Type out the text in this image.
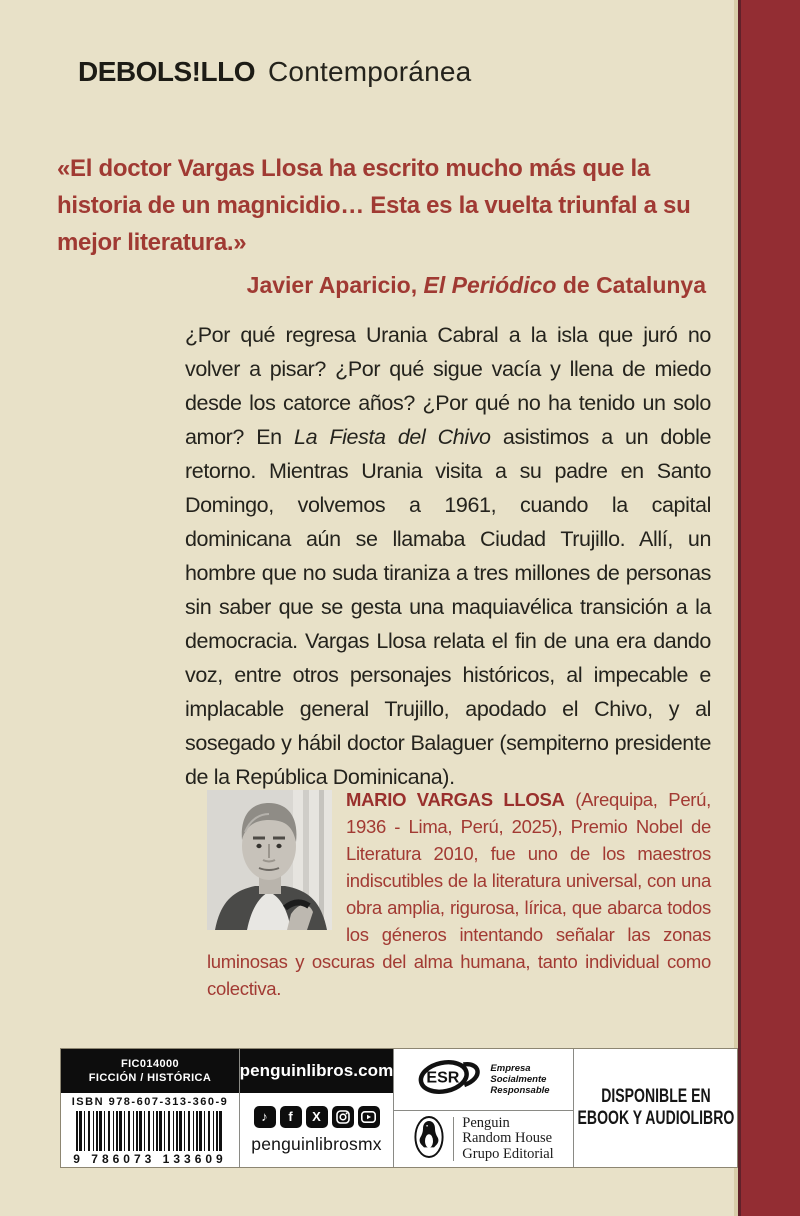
DEBOLS!LLO Contemporánea

«El doctor Vargas Llosa ha escrito mucho más que la historia de un magnicidio… Esta es la vuelta triunfal a su mejor literatura.»

Javier Aparicio, El Periódico de Catalunya

¿Por qué regresa Urania Cabral a la isla que juró no volver a pisar? ¿Por qué sigue vacía y llena de miedo desde los catorce años? ¿Por qué no ha tenido un solo amor? En La Fiesta del Chivo asistimos a un doble retorno. Mientras Urania visita a su padre en Santo Domingo, volvemos a 1961, cuando la capital dominicana aún se llamaba Ciudad Trujillo. Allí, un hombre que no suda tiraniza a tres millones de personas sin saber que se gesta una maquiavélica transición a la democracia. Vargas Llosa relata el fin de una era dando voz, entre otros personajes históricos, al impecable e implacable general Trujillo, apodado el Chivo, y al sosegado y hábil doctor Balaguer (sempiterno presidente de la República Dominicana).
MARIO VARGAS LLOSA (Arequipa, Perú, 1936 - Lima, Perú, 2025), Premio Nobel de Literatura 2010, fue uno de los maestros indiscutibles de la literatura universal, con una obra amplia, rigurosa, lírica, que abarca todos los géneros intentando señalar las zonas luminosas y oscuras del alma humana, tanto individual como colectiva.
FIC014000
FICCIÓN / HISTÓRICA
ISBN 978-607-313-360-9
9 786073 133609
penguinlibros.com
♪	f	X
penguinlibrosmx
ESR	Empresa
Socialmente
Responsable
Penguin
Random House
Grupo Editorial
DISPONIBLE EN
EBOOK Y AUDIOLIBRO
